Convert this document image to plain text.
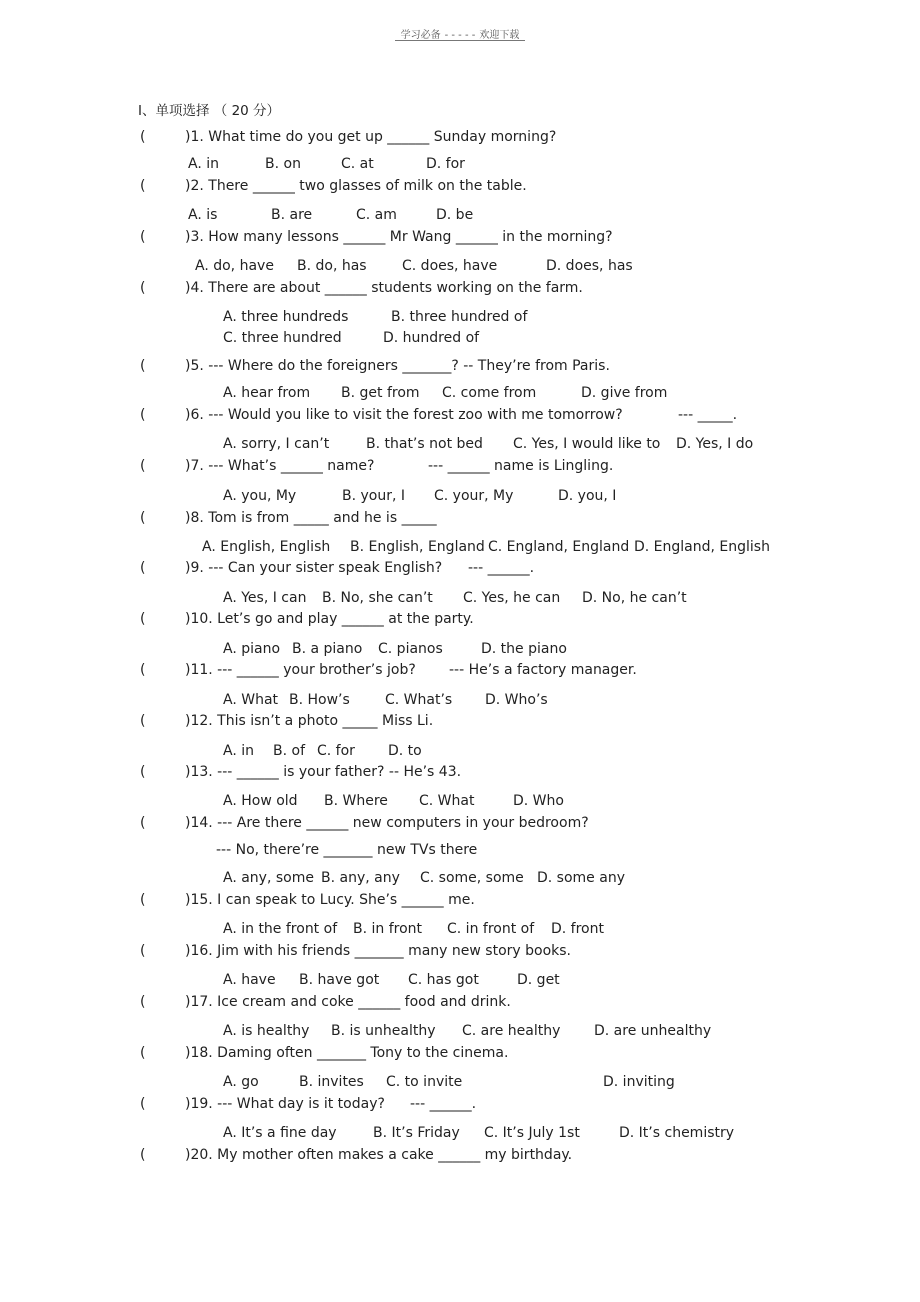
学习必备 - - - - - 欢迎下载
I、单项选择 （ 20 分）
(	)1. What time do you get up ______ Sunday morning?
A. in	B. on	C. at	D. for
(	)2. There ______ two glasses of milk on the table.
A. is	B. are	C. am	D. be
(	)3. How many lessons ______ Mr Wang ______ in the morning?
A. do, have B. do, has	C. does, have	D. does, has
(	)4. There are about ______ students working on the farm.
A. three hundreds	B. three hundred of
C. three hundred	D. hundred of
(	)5. --- Where do the foreigners _______? -- They’re from Paris.
A. hear from B. get from C. come from	D. give from
(	)6. --- Would you like to visit the forest zoo with me tomorrow?	--- _____.
A. sorry, I can’t	B. that’s not bed C. Yes, I would like to D. Yes, I do
(	)7. --- What’s ______ name?	--- ______ name is Lingling.
A. you, My	B. your, I C. your, My	D. you, I
(	)8. Tom is from _____ and he is _____
A. English, English B. English, England C. England, England D. England, English
(	)9. --- Can your sister speak English? --- ______.
A. Yes, I can B. No, she can’t C. Yes, he can D. No, he can’t
(	)10. Let’s go and play ______ at the party.
A. piano B. a piano C. pianos	D. the piano
(	)11. --- ______ your brother’s job? --- He’s a factory manager.
A. What B. How’s	C. What’s D. Who’s
(	)12. This isn’t a photo _____ Miss Li.
A. in B. of C. for D. to
(	)13. --- ______ is your father? -- He’s 43.
A. How old B. Where C. What	D. Who
(	)14. --- Are there ______ new computers in your bedroom?
--- No, there’re _______ new TVs there
A. any, some B. any, any C. some, some D. some any
(	)15. I can speak to Lucy. She’s ______ me.
A. in the front of B. in front C. in front of D. front
(	)16. Jim with his friends _______ many new story books.
A. have B. have got C. has got	D. get
(	)17. Ice cream and coke ______ food and drink.
A. is healthy B. is unhealthy C. are healthy D. are unhealthy
(	)18. Daming often _______ Tony to the cinema.
A. go	B. invites C. to invite	D. inviting
(	)19. --- What day is it today? --- ______.
A. It’s a fine day	B. It’s Friday C. It’s July 1st	D. It’s chemistry
(	)20. My mother often makes a cake ______ my birthday.
